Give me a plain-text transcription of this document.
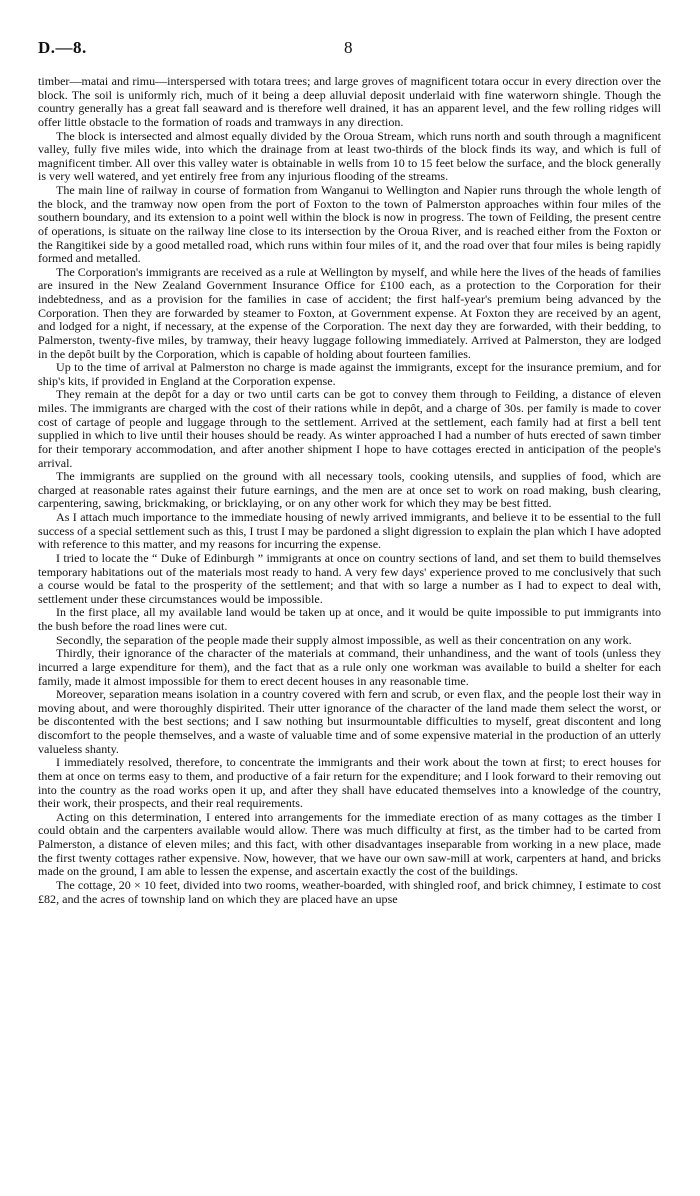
D.—8.	8

timber—matai and rimu—interspersed with totara trees; and large groves of magnificent totara occur in every direction over the block. The soil is uniformly rich, much of it being a deep alluvial deposit underlaid with fine waterworn shingle. Though the country generally has a great fall seaward and is therefore well drained, it has an apparent level, and the few rolling ridges will offer little obstacle to the formation of roads and tramways in any direction.

The block is intersected and almost equally divided by the Oroua Stream, which runs north and south through a magnificent valley, fully five miles wide, into which the drainage from at least two-thirds of the block finds its way, and which is full of magnificent timber. All over this valley water is obtainable in wells from 10 to 15 feet below the surface, and the block generally is very well watered, and yet entirely free from any injurious flooding of the streams.

The main line of railway in course of formation from Wanganui to Wellington and Napier runs through the whole length of the block, and the tramway now open from the port of Foxton to the town of Palmerston approaches within four miles of the southern boundary, and its extension to a point well within the block is now in progress. The town of Feilding, the present centre of operations, is situate on the railway line close to its intersection by the Oroua River, and is reached either from the Foxton or the Rangitikei side by a good metalled road, which runs within four miles of it, and the road over that four miles is being rapidly formed and metalled.

The Corporation's immigrants are received as a rule at Wellington by myself, and while here the lives of the heads of families are insured in the New Zealand Government Insurance Office for £100 each, as a protection to the Corporation for their indebtedness, and as a provision for the families in case of accident; the first half-year's premium being advanced by the Corporation. Then they are forwarded by steamer to Foxton, at Government expense. At Foxton they are received by an agent, and lodged for a night, if necessary, at the expense of the Corporation. The next day they are forwarded, with their bedding, to Palmerston, twenty-five miles, by tramway, their heavy luggage following immediately. Arrived at Palmerston, they are lodged in the depôt built by the Corporation, which is capable of holding about fourteen families.

Up to the time of arrival at Palmerston no charge is made against the immigrants, except for the insurance premium, and for ship's kits, if provided in England at the Corporation expense.

They remain at the depôt for a day or two until carts can be got to convey them through to Feilding, a distance of eleven miles. The immigrants are charged with the cost of their rations while in depôt, and a charge of 30s. per family is made to cover cost of cartage of people and luggage through to the settlement. Arrived at the settlement, each family had at first a bell tent supplied in which to live until their houses should be ready. As winter approached I had a number of huts erected of sawn timber for their temporary accommodation, and after another shipment I hope to have cottages erected in anticipation of the people's arrival.

The immigrants are supplied on the ground with all necessary tools, cooking utensils, and supplies of food, which are charged at reasonable rates against their future earnings, and the men are at once set to work on road making, bush clearing, carpentering, sawing, brickmaking, or bricklaying, or on any other work for which they may be best fitted.

As I attach much importance to the immediate housing of newly arrived immigrants, and believe it to be essential to the full success of a special settlement such as this, I trust I may be pardoned a slight digression to explain the plan which I have adopted with reference to this matter, and my reasons for incurring the expense.

I tried to locate the “ Duke of Edinburgh ” immigrants at once on country sections of land, and set them to build themselves temporary habitations out of the materials most ready to hand. A very few days' experience proved to me conclusively that such a course would be fatal to the prosperity of the settlement; and that with so large a number as I had to expect to deal with, settlement under these circumstances would be impossible.

In the first place, all my available land would be taken up at once, and it would be quite impossible to put immigrants into the bush before the road lines were cut.

Secondly, the separation of the people made their supply almost impossible, as well as their concentration on any work.

Thirdly, their ignorance of the character of the materials at command, their unhandiness, and the want of tools (unless they incurred a large expenditure for them), and the fact that as a rule only one workman was available to build a shelter for each family, made it almost impossible for them to erect decent houses in any reasonable time.

Moreover, separation means isolation in a country covered with fern and scrub, or even flax, and the people lost their way in moving about, and were thoroughly dispirited. Their utter ignorance of the character of the land made them select the worst, or be discontented with the best sections; and I saw nothing but insurmountable difficulties to myself, great discontent and long discomfort to the people themselves, and a waste of valuable time and of some expensive material in the production of an utterly valueless shanty.

I immediately resolved, therefore, to concentrate the immigrants and their work about the town at first; to erect houses for them at once on terms easy to them, and productive of a fair return for the expenditure; and I look forward to their removing out into the country as the road works open it up, and after they shall have educated themselves into a knowledge of the country, their work, their prospects, and their real requirements.

Acting on this determination, I entered into arrangements for the immediate erection of as many cottages as the timber I could obtain and the carpenters available would allow. There was much difficulty at first, as the timber had to be carted from Palmerston, a distance of eleven miles; and this fact, with other disadvantages inseparable from working in a new place, made the first twenty cottages rather expensive. Now, however, that we have our own saw-mill at work, carpenters at hand, and bricks made on the ground, I am able to lessen the expense, and ascertain exactly the cost of the buildings.

The cottage, 20 × 10 feet, divided into two rooms, weather-boarded, with shingled roof, and brick chimney, I estimate to cost £82, and the acres of township land on which they are placed have an upse
